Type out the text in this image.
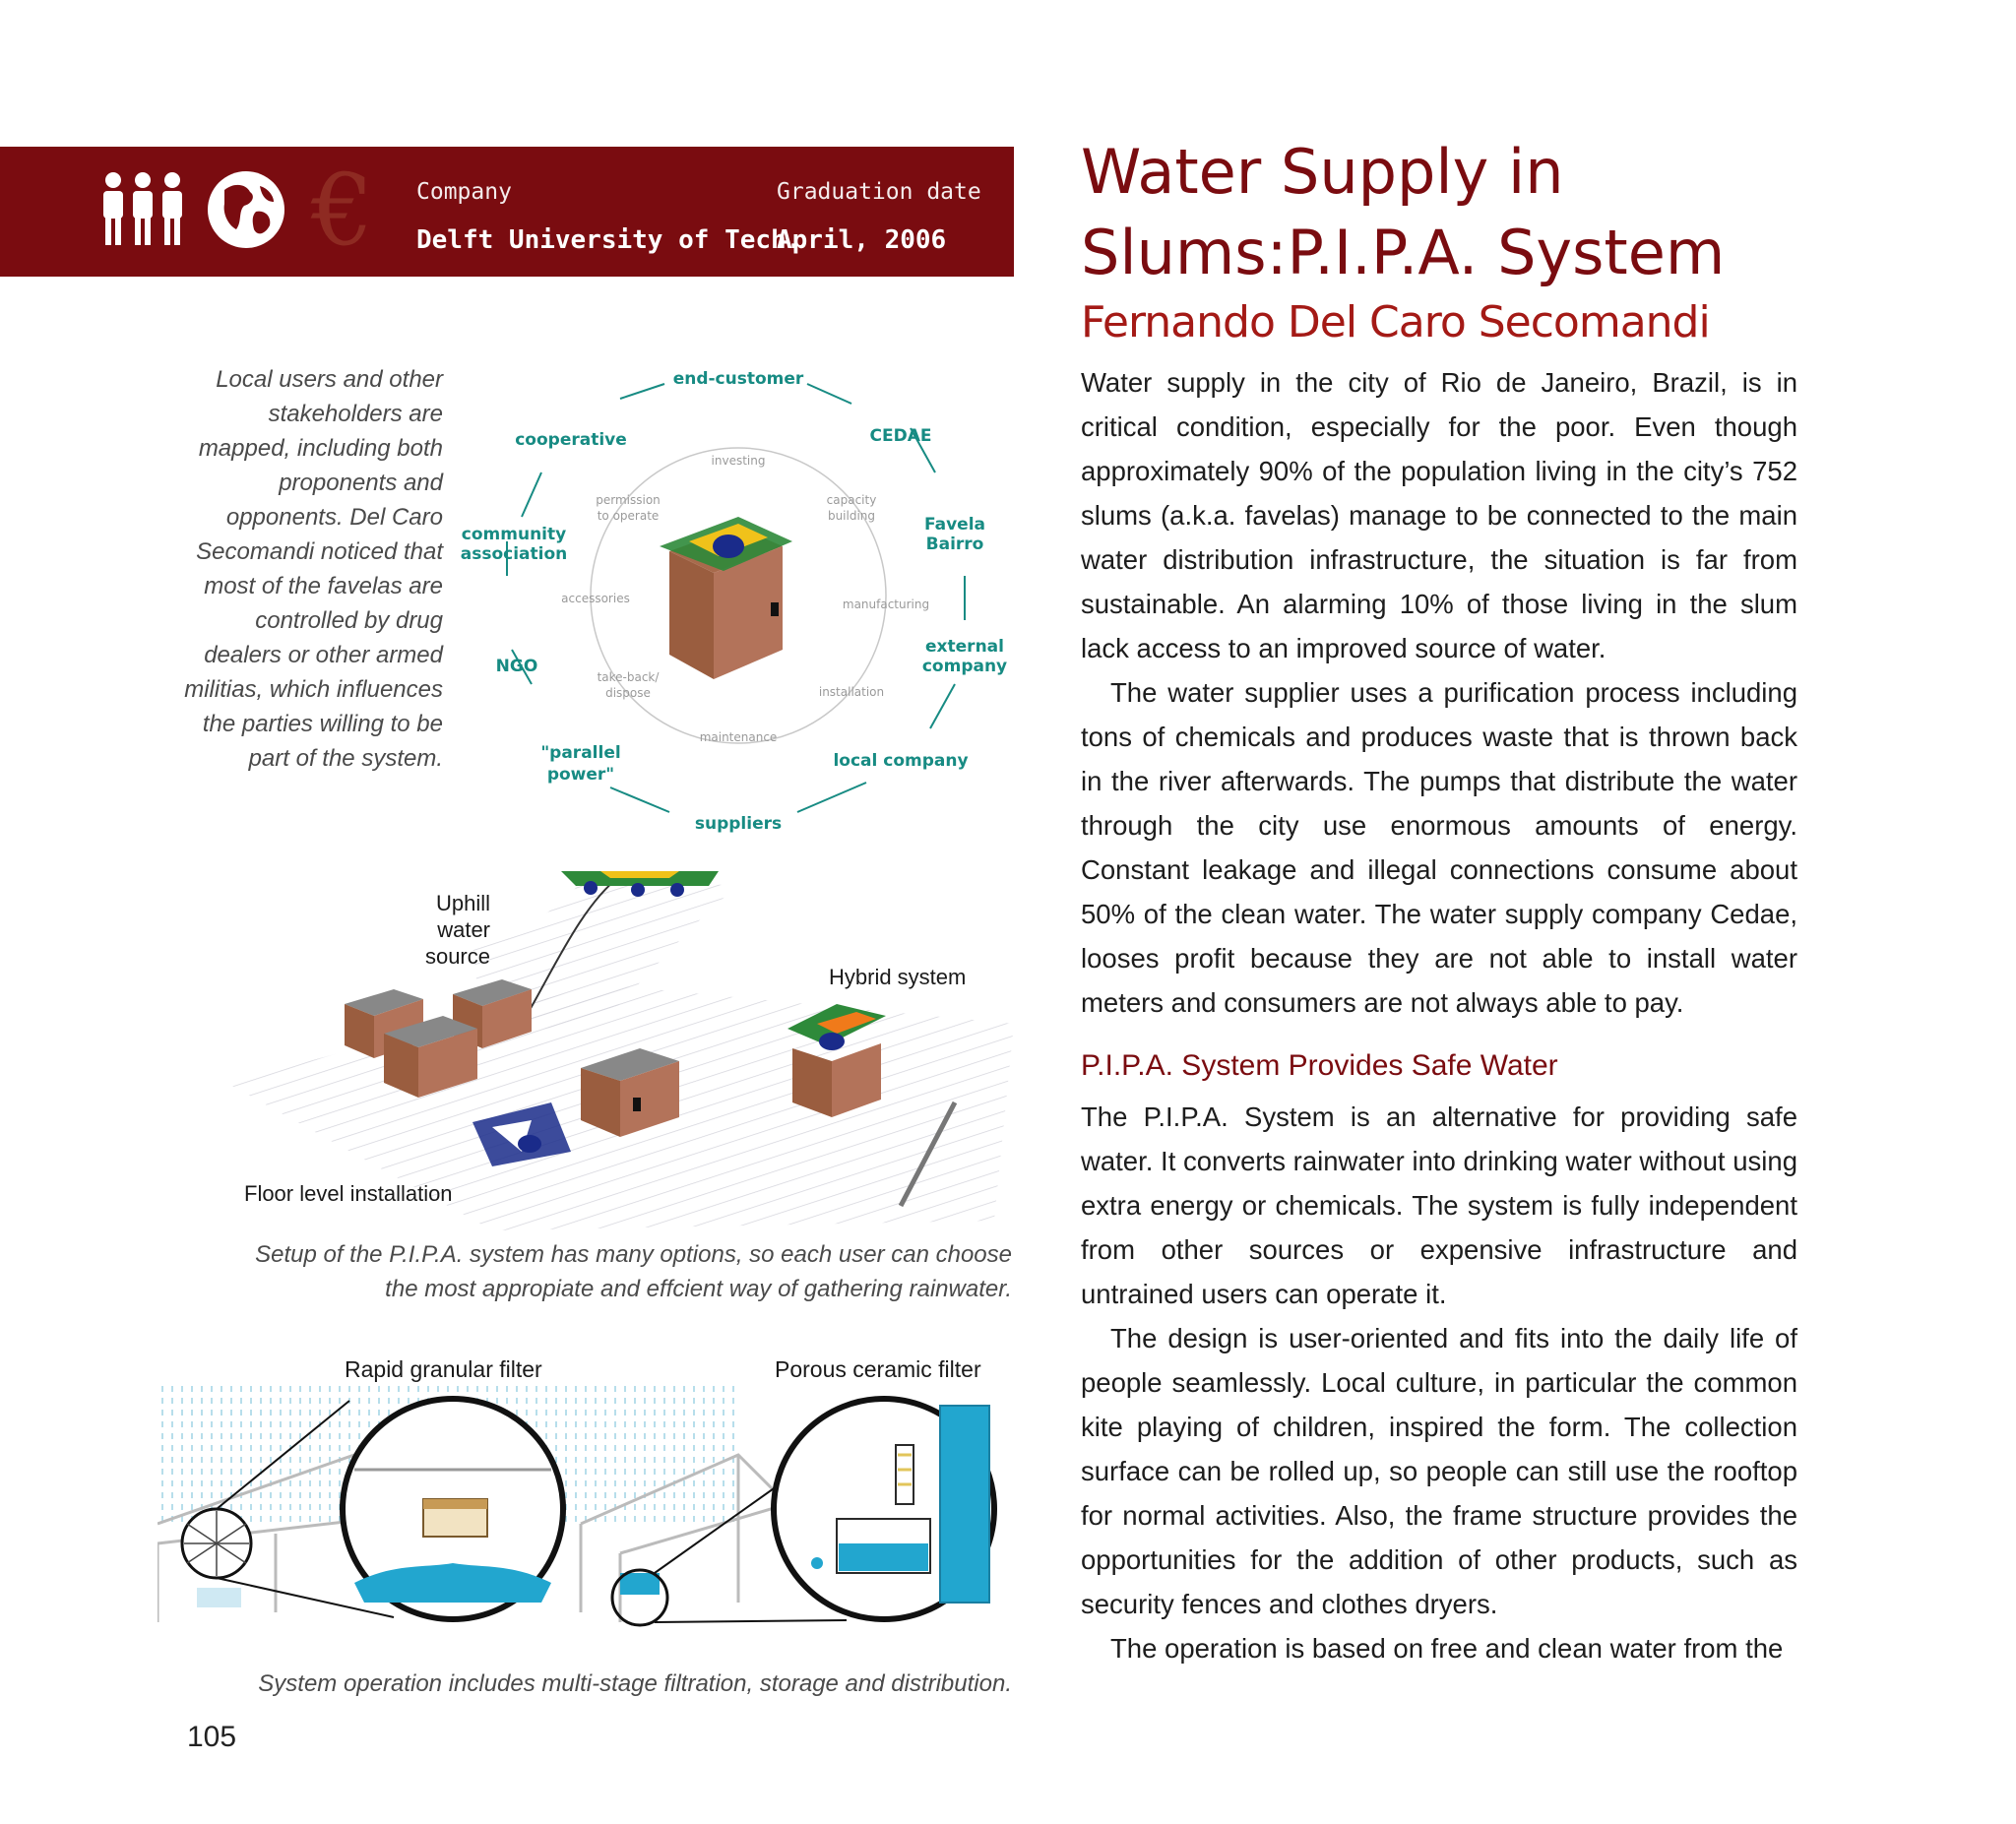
€ Company
Delft University of Tech.
Graduation date
April, 2006
Water Supply in Slums:P.I.P.A. System
Fernando Del Caro Secomandi

Water supply in the city of Rio de Janeiro, Brazil, is in critical condition, especially for the poor. Even though approximately 90% of the population living in the city’s 752 slums (a.k.a. favelas) manage to be connected to the main water distribution infrastructure, the situation is far from sustainable. An alarming 10% of those living in the slum lack access to an improved source of water.

The water supplier uses a purification process including tons of chemicals and produces waste that is thrown back in the river afterwards. The pumps that distribute the water through the city use enormous amounts of energy. Constant leakage and illegal connections consume about 50% of the clean water. The water supply company Cedae, looses profit because they are not able to install water meters and consumers are not always able to pay.

P.I.P.A. System Provides Safe Water

The P.I.P.A. System is an alternative for providing safe water. It converts rainwater into drinking water without using extra energy or chemicals. The system is fully independent from other sources or expensive infrastructure and untrained users can operate it.

The design is user-oriented and fits into the daily life of people seamlessly. Local culture, in particular the common kite playing of children, inspired the form. The collection surface can be rolled up, so people can still use the rooftop for normal activities. Also, the frame structure provides the opportunities for the addition of other products, such as security fences and clothes dryers.

The operation is based on free and clean water from the

Local users and other stakeholders are mapped, including both proponents and opponents. Del Caro Secomandi noticed that most of the favelas are controlled by drug dealers or other armed militias, which influences the parties willing to be part of the system.
end-customer
CEDAE
Favela
Bairro
external
company
local company
suppliers
"parallel
power"
NGO
community
association
cooperative
investing
capacity
building
manufacturing
installation
maintenance
take-back/
dispose
accessories
permission
to operate
Uphill
water
source
Hybrid system
Floor level installation
Setup of the P.I.P.A. system has many options, so each user can choose the most appropiate and effcient way of gathering rainwater.
Rapid granular filter	Porous ceramic filter
System operation includes multi-stage filtration, storage and distribution.
105
